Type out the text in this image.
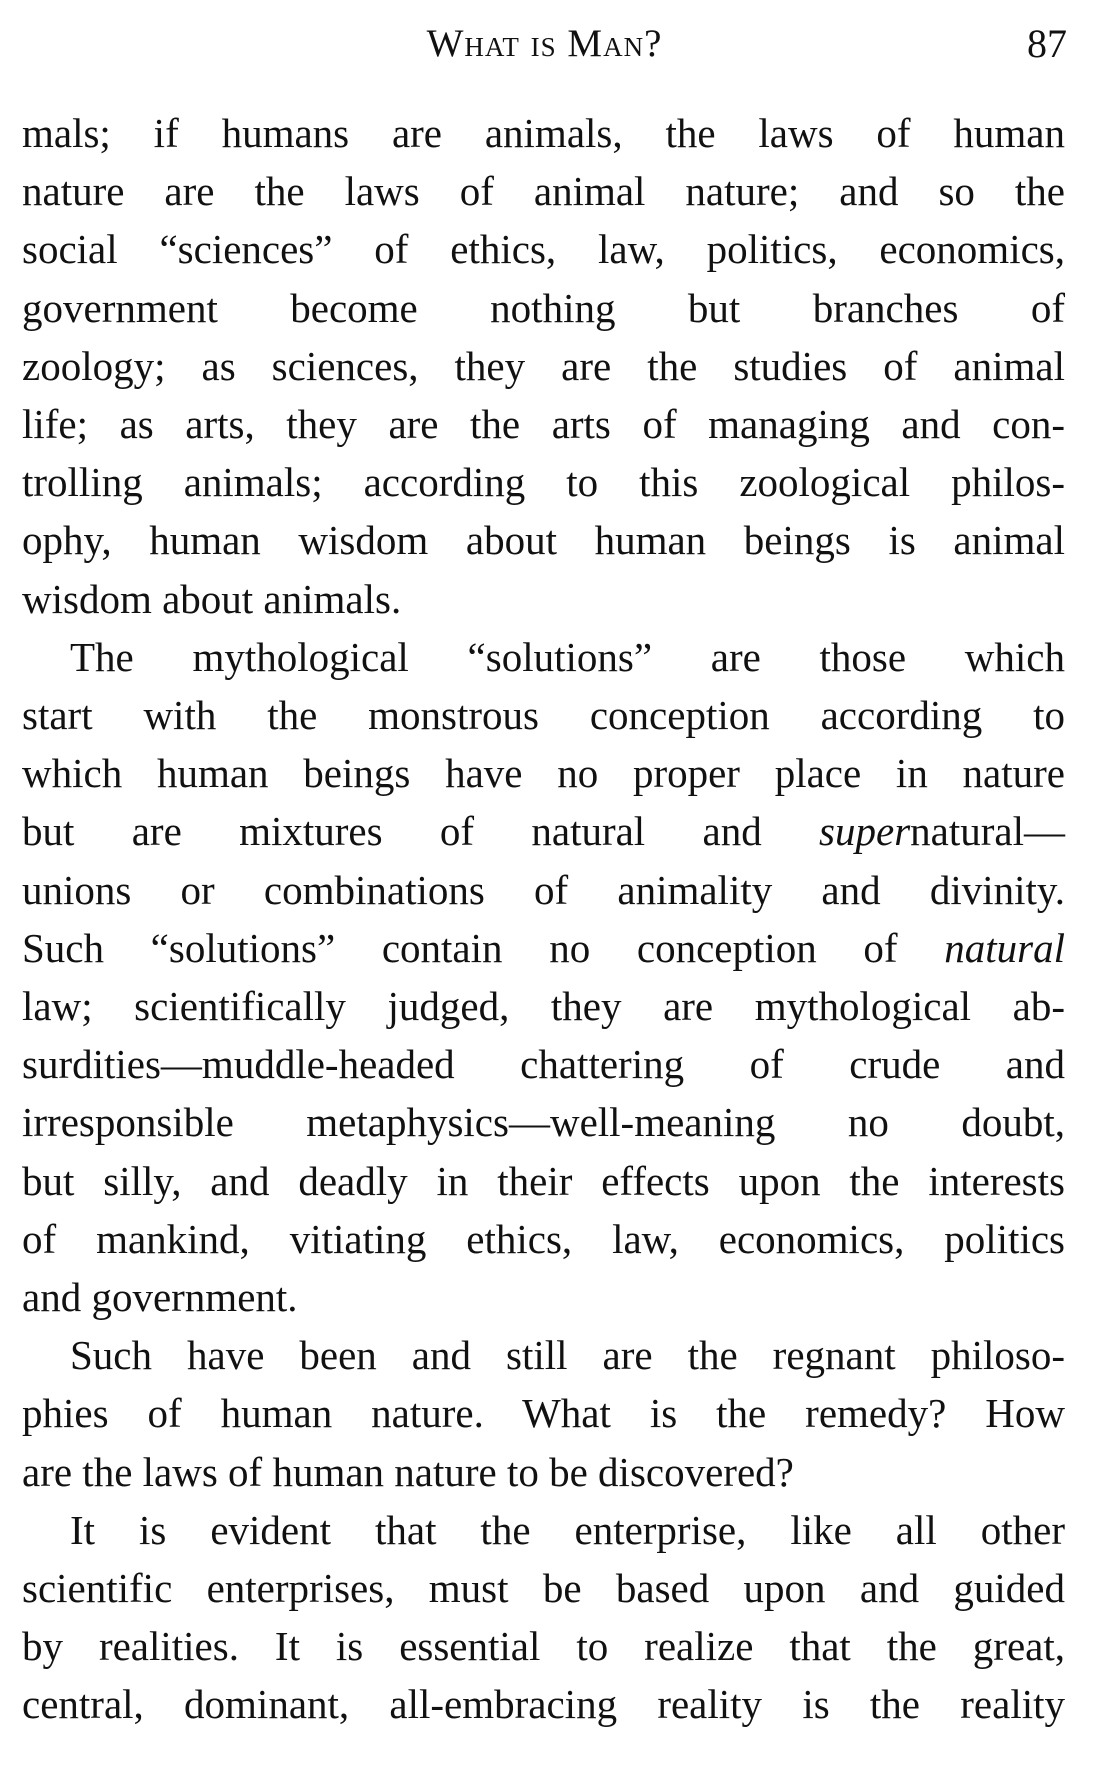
What is Man?	87

mals; if humans are animals, the laws of human
nature are the laws of animal nature; and so the
social “sciences” of ethics, law, politics, economics,
government become nothing but branches of
zoology; as sciences, they are the studies of animal
life; as arts, they are the arts of managing and con-
trolling animals; according to this zoological philos-
ophy, human wisdom about human beings is animal
wisdom about animals.

The mythological “solutions” are those which
start with the monstrous conception according to
which human beings have no proper place in nature
but are mixtures of natural and supernatural—
unions or combinations of animality and divinity.
Such “solutions” contain no conception of natural
law; scientifically judged, they are mythological ab-
surdities—muddle-headed chattering of crude and
irresponsible metaphysics—well-meaning no doubt,
but silly, and deadly in their effects upon the interests
of mankind, vitiating ethics, law, economics, politics
and government.

Such have been and still are the regnant philoso-
phies of human nature. What is the remedy? How
are the laws of human nature to be discovered?

It is evident that the enterprise, like all other
scientific enterprises, must be based upon and guided
by realities. It is essential to realize that the great,
central, dominant, all-embracing reality is the reality
